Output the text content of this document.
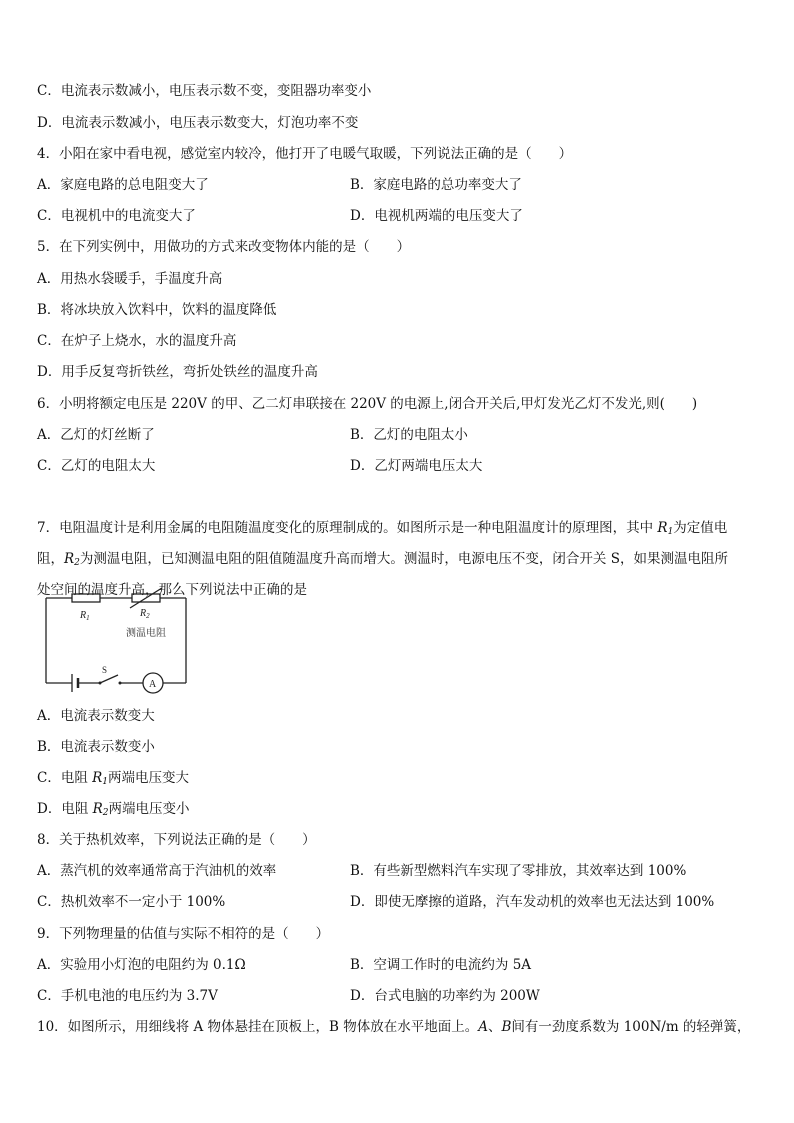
C．电流表示数减小，电压表示数不变，变阻器功率变小
D．电流表示数减小，电压表示数变大，灯泡功率不变
4．小阳在家中看电视，感觉室内较冷，他打开了电暖气取暖，下列说法正确的是（　　）
A．家庭电路的总电阻变大了	B．家庭电路的总功率变大了
C．电视机中的电流变大了	D．电视机两端的电压变大了
5．在下列实例中，用做功的方式来改变物体内能的是（　　）
A．用热水袋暖手，手温度升高
B．将冰块放入饮料中，饮料的温度降低
C．在炉子上烧水，水的温度升高
D．用手反复弯折铁丝，弯折处铁丝的温度升高
6．小明将额定电压是 220V 的甲、乙二灯串联接在 220V 的电源上,闭合开关后,甲灯发光乙灯不发光,则(　　)
A．乙灯的灯丝断了	B．乙灯的电阻太小
C．乙灯的电阻太大	D．乙灯两端电压太大
7．电阻温度计是利用金属的电阻随温度变化的原理制成的。如图所示是一种电阻温度计的原理图，其中 $R_1$为定值电
阻，$R_2$为测温电阻，已知测温电阻的阻值随温度升高而增大。测温时，电源电压不变，闭合开关 S，如果测温电阻所
处空间的温度升高，那么下列说法中正确的是
$R_1$	$R_2$
测温电阻
S
A
A．电流表示数变大
B．电流表示数变小
C．电阻 $R_1$两端电压变大
D．电阻 $R_2$两端电压变小
8．关于热机效率，下列说法正确的是（　　）
A．蒸汽机的效率通常高于汽油机的效率	B．有些新型燃料汽车实现了零排放，其效率达到 100%
C．热机效率不一定小于 100%	D．即使无摩擦的道路，汽车发动机的效率也无法达到 100%
9．下列物理量的估值与实际不相符的是（　　）
A．实验用小灯泡的电阻约为 0.1Ω	B．空调工作时的电流约为 5A
C．手机电池的电压约为 3.7V	D．台式电脑的功率约为 200W
10．如图所示，用细线将 A 物体悬挂在顶板上，B 物体放在水平地面上。A、B间有一劲度系数为 100N/m 的轻弹簧，
